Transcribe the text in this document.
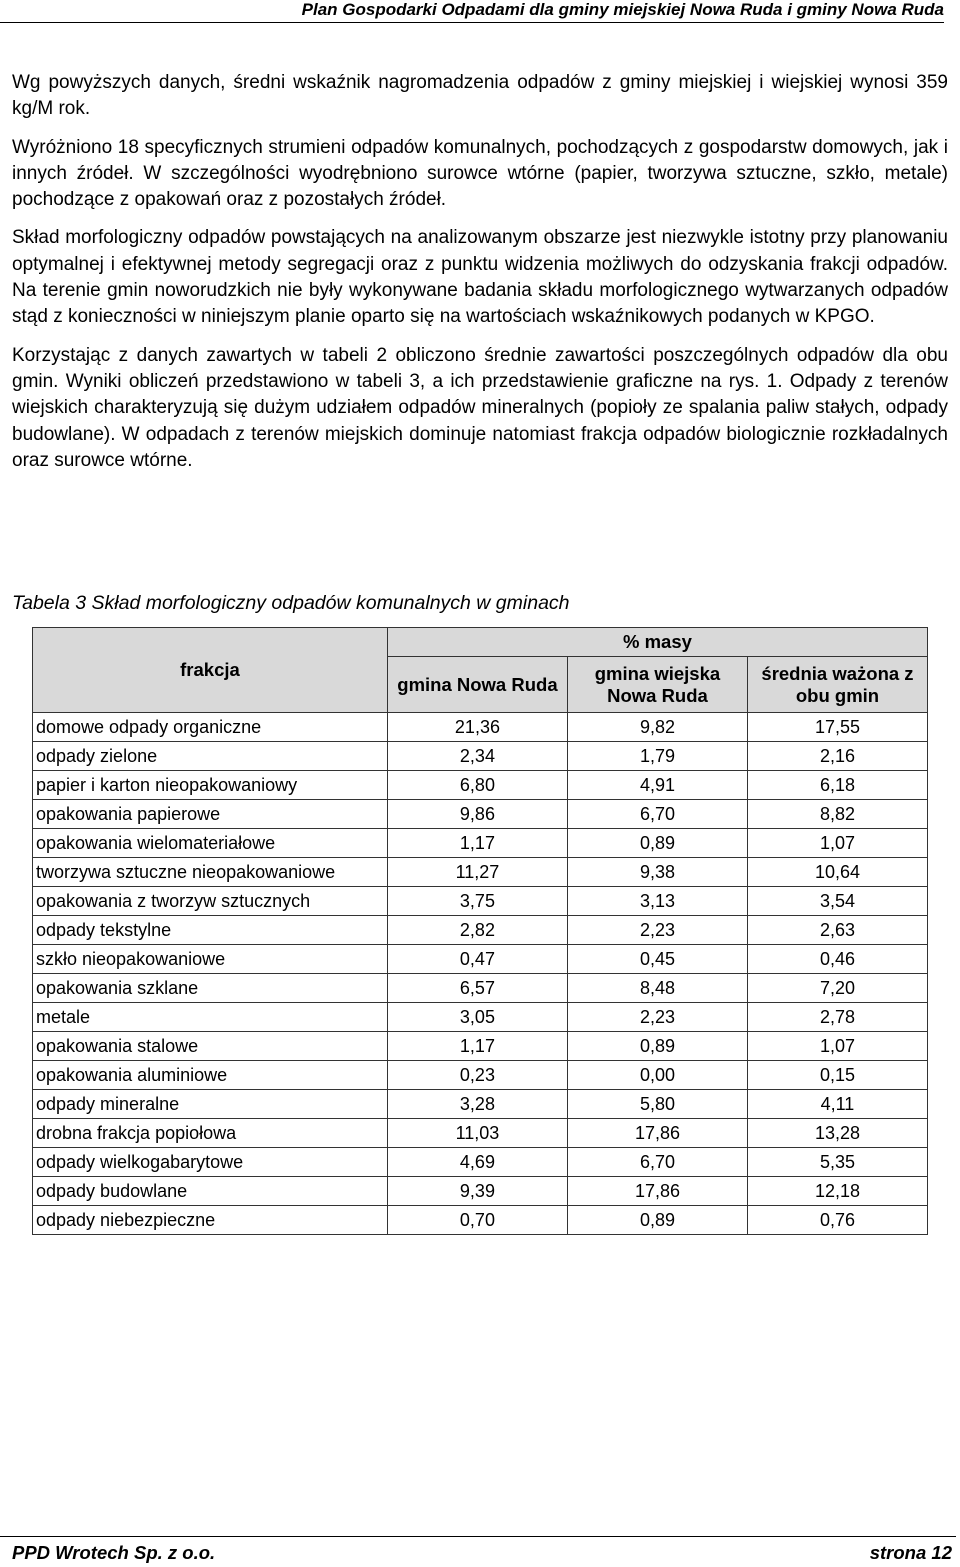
Plan Gospodarki Odpadami dla gminy miejskiej Nowa Ruda i gminy Nowa Ruda

Wg powyższych danych, średni wskaźnik nagromadzenia odpadów z gminy miejskiej i wiejskiej wynosi 359 kg/M rok.

Wyróżniono 18 specyficznych strumieni odpadów komunalnych, pochodzących z gospodarstw domowych, jak i innych źródeł. W szczególności wyodrębniono surowce wtórne (papier, tworzywa sztuczne, szkło, metale) pochodzące z opakowań oraz z pozostałych źródeł.

Skład morfologiczny odpadów powstających na analizowanym obszarze jest niezwykle istotny przy planowaniu optymalnej i efektywnej metody segregacji oraz z punktu widzenia możliwych do odzyskania frakcji odpadów. Na terenie gmin noworudzkich nie były wykonywane badania składu morfologicznego wytwarzanych odpadów stąd z konieczności w niniejszym planie oparto się na wartościach wskaźnikowych podanych w KPGO.

Korzystając z danych zawartych w tabeli 2 obliczono średnie zawartości poszczególnych odpadów dla obu gmin. Wyniki obliczeń przedstawiono w tabeli 3, a ich przedstawienie graficzne na rys. 1. Odpady z terenów wiejskich charakteryzują się dużym udziałem odpadów mineralnych (popioły ze spalania paliw stałych, odpady budowlane). W odpadach z terenów miejskich dominuje natomiast frakcja odpadów biologicznie rozkładalnych oraz surowce wtórne.

Tabela 3 Skład morfologiczny odpadów komunalnych w gminach
frakcja	% masy		
	gmina Nowa Ruda	gmina wiejska Nowa Ruda	średnia ważona z obu gmin
domowe odpady organiczne	21,36	9,82	17,55
odpady zielone	2,34	1,79	2,16
papier i karton nieopakowaniowy	6,80	4,91	6,18
opakowania papierowe	9,86	6,70	8,82
opakowania wielomateriałowe	1,17	0,89	1,07
tworzywa sztuczne nieopakowaniowe	11,27	9,38	10,64
opakowania z tworzyw sztucznych	3,75	3,13	3,54
odpady tekstylne	2,82	2,23	2,63
szkło nieopakowaniowe	0,47	0,45	0,46
opakowania szklane	6,57	8,48	7,20
metale	3,05	2,23	2,78
opakowania stalowe	1,17	0,89	1,07
opakowania aluminiowe	0,23	0,00	0,15
odpady mineralne	3,28	5,80	4,11
drobna frakcja popiołowa	11,03	17,86	13,28
odpady wielkogabarytowe	4,69	6,70	5,35
odpady budowlane	9,39	17,86	12,18
odpady niebezpieczne	0,70	0,89	0,76
PPD Wrotech Sp. z o.o.	strona 12
